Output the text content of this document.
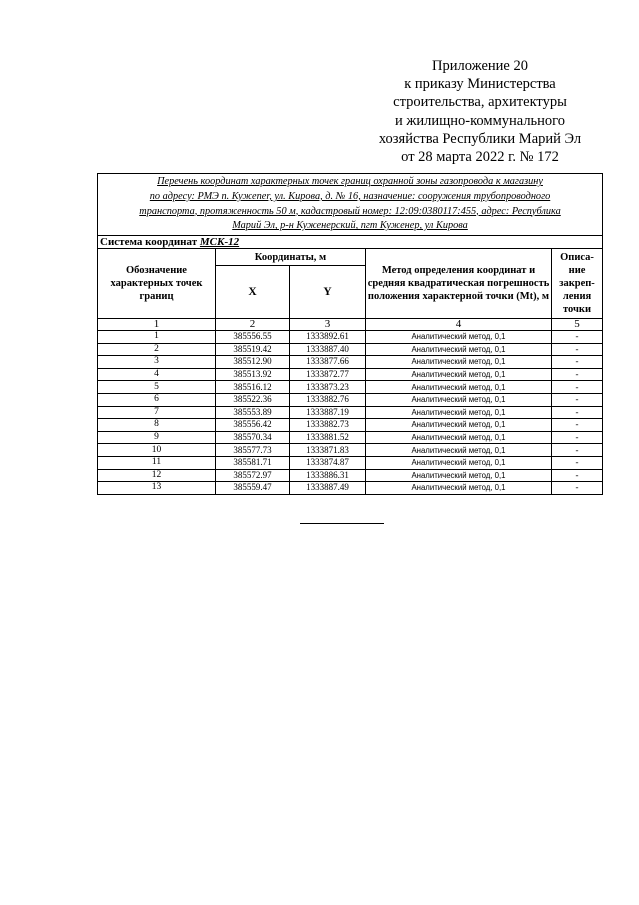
Приложение 20
к приказу Министерства
строительства, архитектуры
и жилищно-коммунального
хозяйства Республики Марий Эл
от 28 марта 2022 г. № 172
Перечень координат характерных точек границ охранной зоны газопровода к магазину
по адресу: РМЭ п. Кужener, ул. Кирова, д. № 16, назначение: сооружения трубопроводного
транспорта, протяженность 50 м, кадастровый номер: 12:09:0380117:455, адрес: Республика
Марий Эл, р-н Куженерский, пгт Куженер, ул Кирова				

Система координат МСК-12				
Обозначение характерных точек границ	Координаты, м		Метод определения координат и средняя квадратическая погрешность положения характерной точки (Mt), м	Описа-ние закреп-ления точки
	X	Y		
1	2	3	4	5
1	385556.55	1333892.61	Аналитический метод, 0,1	-
2	385519.42	1333887.40	Аналитический метод, 0,1	-
3	385512.90	1333877.66	Аналитический метод, 0,1	-
4	385513.92	1333872.77	Аналитический метод, 0,1	-
5	385516.12	1333873.23	Аналитический метод, 0,1	-
6	385522.36	1333882.76	Аналитический метод, 0,1	-
7	385553.89	1333887.19	Аналитический метод, 0,1	-
8	385556.42	1333882.73	Аналитический метод, 0,1	-
9	385570.34	1333881.52	Аналитический метод, 0,1	-
10	385577.73	1333871.83	Аналитический метод, 0,1	-
11	385581.71	1333874.87	Аналитический метод, 0,1	-
12	385572.97	1333886.31	Аналитический метод, 0,1	-
13	385559.47	1333887.49	Аналитический метод, 0,1	-
